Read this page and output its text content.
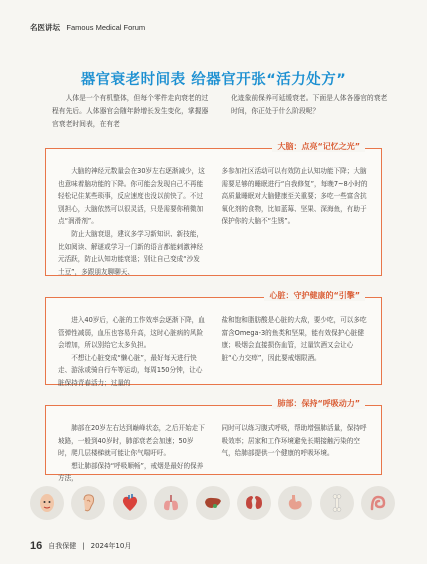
名医讲坛 Famous Medical Forum
器官衰老时间表 给器官开张“活力处方”

人体是一个有机整体，但每个零件走向衰老的过程有先后。人体器官会随年龄增长发生变化，掌握器官衰老时间表，在有老

化迹象前保养可延缓衰老。下面是人体各器官的衰老时间，你正处于什么阶段呢？

大脑：点亮“记忆之光”

大脑的神经元数量会在30岁左右逐渐减少，这也意味着脑功能的下降。你可能会发现自己不再能轻松记住某些琐事，反应速度也没以前快了。不过别担心，大脑依然可以很灵活，只是需要你稍微加点“润滑剂”。

防止大脑衰退，建议多学习新知识、新技能，比如阅读、解谜或学习一门新的语言都能刺激神经元活跃，防止认知功能衰退；别让自己变成“沙发土豆”，多跟朋友聊聊天、

多参加社区活动可以有效防止认知功能下降；大脑需要足够的睡眠进行“自我修复”，每晚7~8小时的高质量睡眠对大脑健康至关重要；多吃一些富含抗氧化剂的食物，比如蓝莓、坚果、深海鱼，有助于保护你的大脑不“生锈”。

心脏：守护健康的“引擎”

进入40岁后，心脏的工作效率会逐渐下降，血管弹性减弱，血压也容易升高，这时心脏病的风险会增加，所以别给它太多负担。

不想让心脏变成“懒心脏”，最好每天进行快走、游泳或骑自行车等运动，每周150分钟，让心脏保持青春活力；过量的

盐和饱和脂肪酸是心脏的大敌，要少吃，可以多吃富含Omega-3的鱼类和坚果，能有效保护心脏健康；吸烟会直接损伤血管，过量饮酒又会让心脏“心力交瘁”，因此要戒烟限酒。

肺部：保持“呼吸动力”

肺部在20岁左右达到巅峰状态，之后开始走下坡路，一般到40岁时，肺部衰老会加速；50岁时，爬几层楼梯就可能让你气喘吁吁。

想让肺部保持“呼吸顺畅”，戒烟是最好的保养方法，

同时可以练习腹式呼吸，帮助增强肺活量，保持呼吸效率；居家和工作环境避免长期接触污染的空气，给肺部提供一个健康的呼吸环境。

16 自我保健 | 2024年10月
